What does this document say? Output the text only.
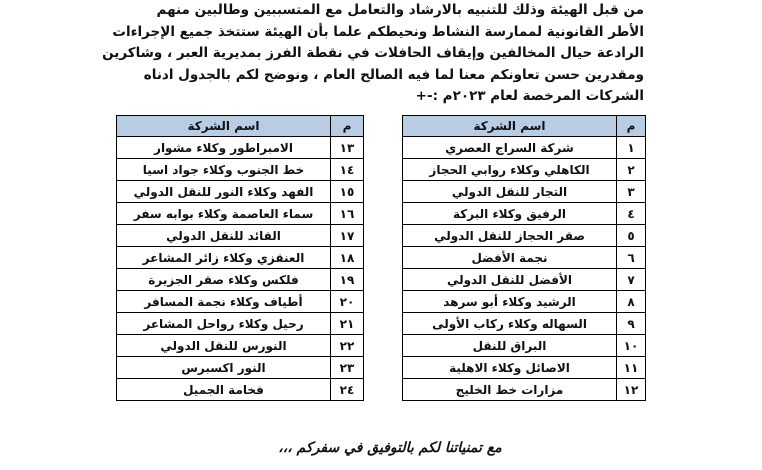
من قبل الهيئة وذلك للتنبيه بالارشاد والتعامل مع المتسببين وطالبين منهم
الأطر القانونية لممارسة النشاط ونحيطكم علما بأن الهيئة ستتخذ جميع الإجراءات
الرادعة حيال المخالفين وإيقاف الحافلات في نقطة الفرز بمديرية العبر ، وشاكرين
ومقدرين حسن تعاونكم معنا لما فيه الصالح العام ، ونوضح لكم بالجدول ادناه
الشركات المرخصة لعام ٢٠٢٣م :-+

م	اسم الشركة		م	اسم الشركة
١	شركة السراج العصري		١٣	الامبراطور وكلاء مشوار
٢	الكاهلي وكلاء روابي الحجاز		١٤	خط الجنوب وكلاء جواد اسيا
٣	التجار للنقل الدولي		١٥	الفهد وكلاء النور للنقل الدولي
٤	الرفيق وكلاء البركة		١٦	سماء العاصمة وكلاء بوابه سفر
٥	صقر الحجاز للنقل الدولي		١٧	القائد للنقل الدولي
٦	نجمة الأفضل		١٨	العنقزي وكلاء زائر المشاعر
٧	الأفضل للنقل الدولي		١٩	فلكس وكلاء صقر الجزيرة
٨	الرشيد وكلاء أبو سرهد		٢٠	أطياف وكلاء نجمة المسافر
٩	السهاله وكلاء ركاب الأولى		٢١	رحيل وكلاء رواحل المشاعر
١٠	البراق للنقل		٢٢	النورس للنقل الدولي
١١	الاصائل وكلاء الاهلية		٢٣	النور اكسبرس
١٢	مزارات خط الخليج		٢٤	فخامة الجميل
مع تمنياتنا لكم بالتوفيق في سفركم ،،،
